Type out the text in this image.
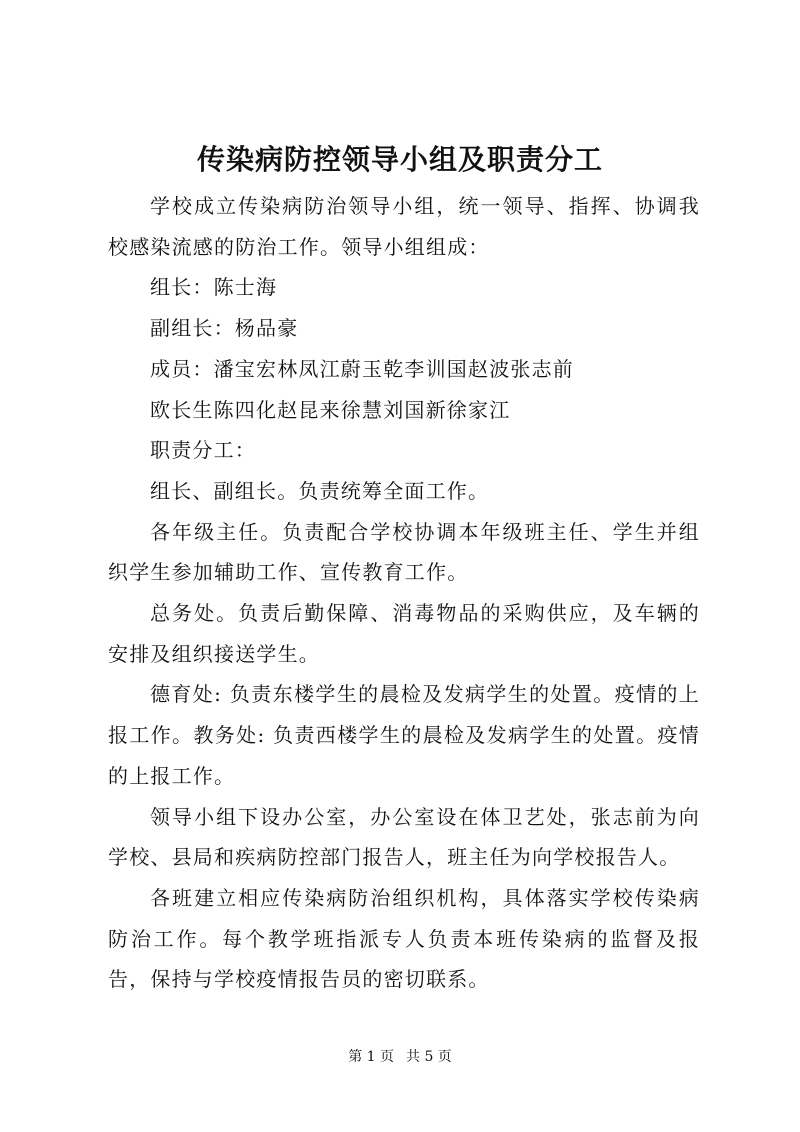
传染病防控领导小组及职责分工

学校成立传染病防治领导小组，统一领导、指挥、协调我校感染流感的防治工作。领导小组组成：

组长：陈士海

副组长：杨品豪

成员：潘宝宏林凤江蔚玉乾李训国赵波张志前

欧长生陈四化赵昆来徐慧刘国新徐家江

职责分工：

组长、副组长。负责统筹全面工作。

各年级主任。负责配合学校协调本年级班主任、学生并组织学生参加辅助工作、宣传教育工作。

总务处。负责后勤保障、消毒物品的采购供应，及车辆的安排及组织接送学生。

德育处: 负责东楼学生的晨检及发病学生的处置。疫情的上报工作。教务处: 负责西楼学生的晨检及发病学生的处置。疫情的上报工作。

领导小组下设办公室，办公室设在体卫艺处，张志前为向学校、县局和疾病防控部门报告人，班主任为向学校报告人。

各班建立相应传染病防治组织机构，具体落实学校传染病防治工作。每个教学班指派专人负责本班传染病的监督及报告，保持与学校疫情报告员的密切联系。

第 1 页 共 5 页
